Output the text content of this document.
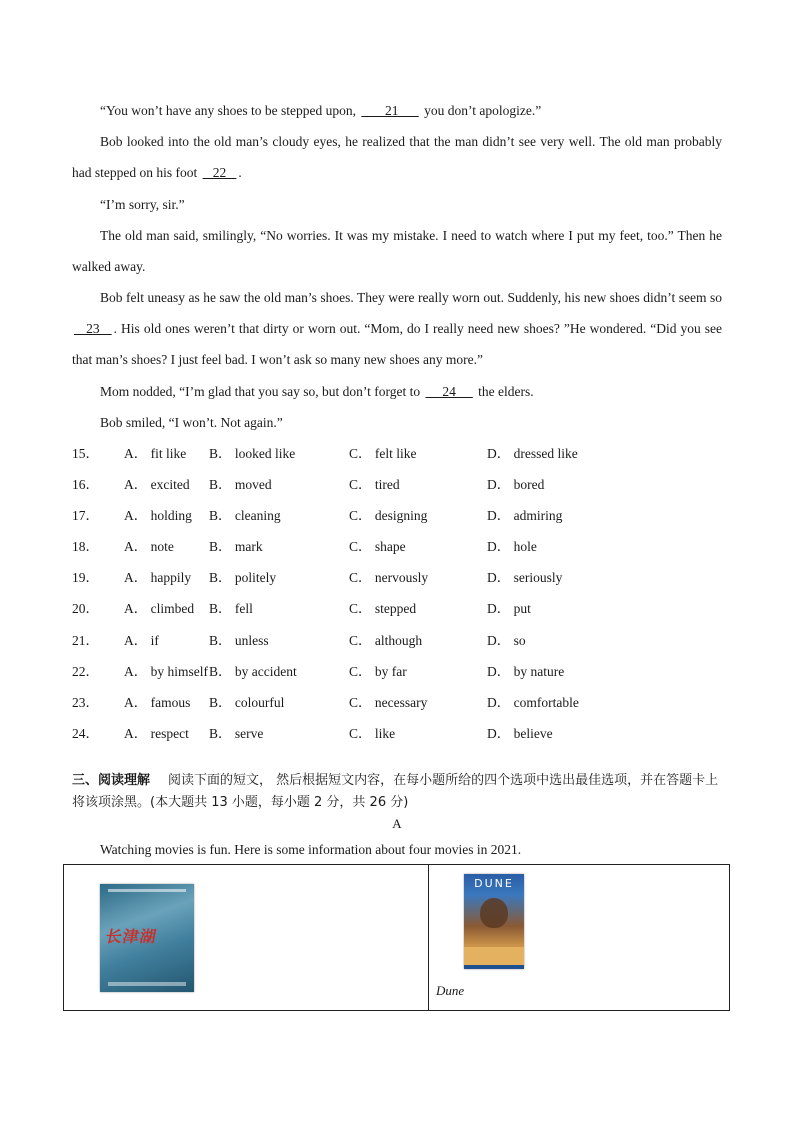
“You won’t have any shoes to be stepped upon,        21       you don’t apologize.”

Bob looked into the old man’s cloudy eyes, he realized that the man didn’t see very well. The old man probably had stepped on his foot    22   .

“I’m sorry, sir.”

The old man said, smilingly, “No worries. It was my mistake. I need to watch where I put my feet, too.” Then he walked away.

Bob felt uneasy as he saw the old man’s shoes. They were really worn out. Suddenly, his new shoes didn’t seem so    23   . His old ones weren’t that dirty or worn out. “Mom, do I really need new shoes? ”He wondered. “Did you see that man’s shoes? I just feel bad. I won’t ask so many new shoes any more.”

Mom nodded, “I’m glad that you say so, but don’t forget to      24      the elders.

Bob smiled, “I won’t. Not again.”

15． A． fit like B． looked like	C． felt like	D． dressed like
16． A． excited B． moved	C． tired	D． bored
17． A． holding B． cleaning	C． designing	D． admiring
18． A． note	B． mark	C． shape	D． hole
19． A． happily B． politely	C． nervously	D． seriously
20． A． climbed B． fell	C． stepped	D． put
21． A． if	B． unless	C． although	D． so
22． A． by himself B． by accident	C． by far	D． by nature
23． A． famous B． colourful	C． necessary	D． comfortable
24． A． respect B． serve	C． like	D． believe
三、阅读理解 阅读下面的短文， 然后根据短文内容，在每小题所给的四个选项中选出最佳选项，并在答题卡上将该项涂黑。(本大题共 13 小题，每小题 2 分，共 26 分)
A
Watching movies is fun. Here is some information about four movies in 2021.
长津湖

DUNE
Dune
